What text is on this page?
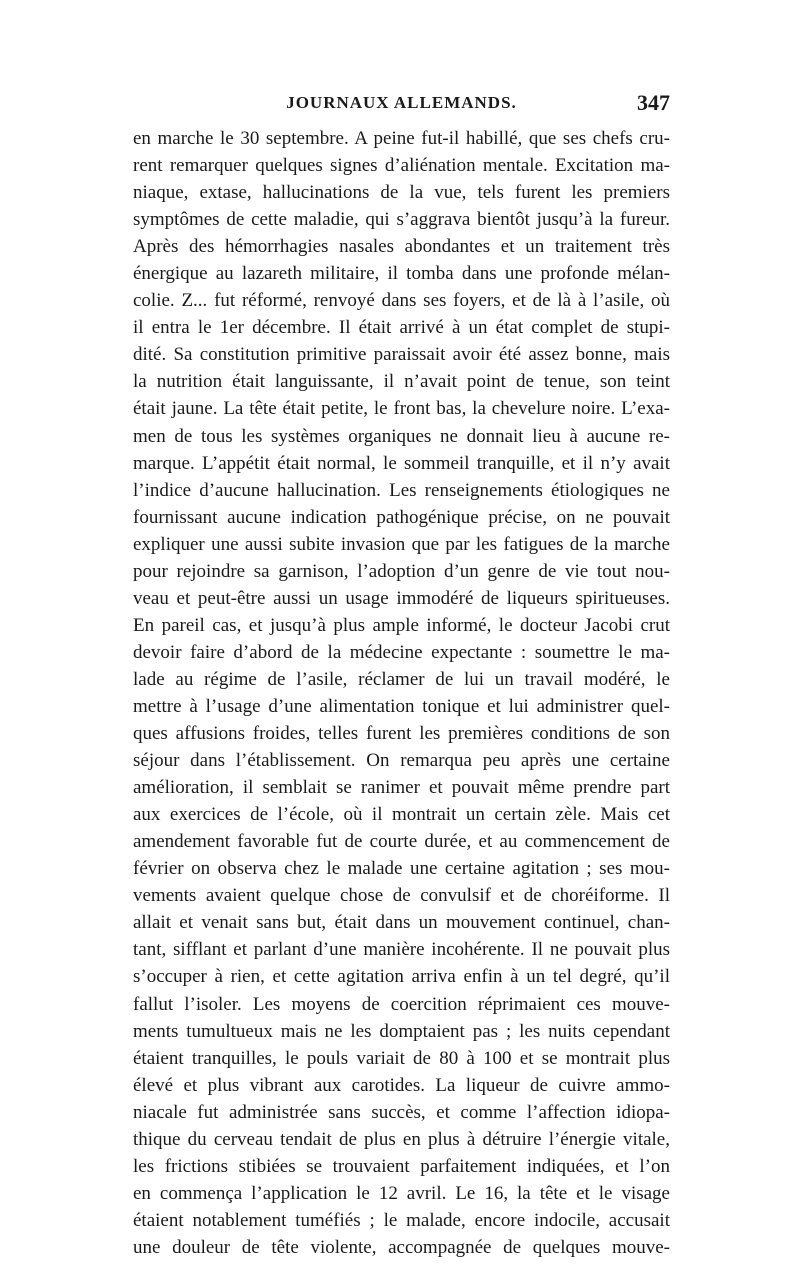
JOURNAUX ALLEMANDS.	347
en marche le 30 septembre. A peine fut-il habillé, que ses chefs cru-
rent remarquer quelques signes d’aliénation mentale. Excitation ma-
niaque, extase, hallucinations de la vue, tels furent les premiers
symptômes de cette maladie, qui s’aggrava bientôt jusqu’à la fureur.
Après des hémorrhagies nasales abondantes et un traitement très
énergique au lazareth militaire, il tomba dans une profonde mélan-
colie. Z... fut réformé, renvoyé dans ses foyers, et de là à l’asile, où
il entra le 1er décembre. Il était arrivé à un état complet de stupi-
dité. Sa constitution primitive paraissait avoir été assez bonne, mais
la nutrition était languissante, il n’avait point de tenue, son teint
était jaune. La tête était petite, le front bas, la chevelure noire. L’exa-
men de tous les systèmes organiques ne donnait lieu à aucune re-
marque. L’appétit était normal, le sommeil tranquille, et il n’y avait
l’indice d’aucune hallucination. Les renseignements étiologiques ne
fournissant aucune indication pathogénique précise, on ne pouvait
expliquer une aussi subite invasion que par les fatigues de la marche
pour rejoindre sa garnison, l’adoption d’un genre de vie tout nou-
veau et peut-être aussi un usage immodéré de liqueurs spiritueuses.
En pareil cas, et jusqu’à plus ample informé, le docteur Jacobi crut
devoir faire d’abord de la médecine expectante : soumettre le ma-
lade au régime de l’asile, réclamer de lui un travail modéré, le
mettre à l’usage d’une alimentation tonique et lui administrer quel-
ques affusions froides, telles furent les premières conditions de son
séjour dans l’établissement. On remarqua peu après une certaine
amélioration, il semblait se ranimer et pouvait même prendre part
aux exercices de l’école, où il montrait un certain zèle. Mais cet
amendement favorable fut de courte durée, et au commencement de
février on observa chez le malade une certaine agitation ; ses mou-
vements avaient quelque chose de convulsif et de choréiforme. Il
allait et venait sans but, était dans un mouvement continuel, chan-
tant, sifflant et parlant d’une manière incohérente. Il ne pouvait plus
s’occuper à rien, et cette agitation arriva enfin à un tel degré, qu’il
fallut l’isoler. Les moyens de coercition réprimaient ces mouve-
ments tumultueux mais ne les domptaient pas ; les nuits cependant
étaient tranquilles, le pouls variait de 80 à 100 et se montrait plus
élevé et plus vibrant aux carotides. La liqueur de cuivre ammo-
niacale fut administrée sans succès, et comme l’affection idiopa-
thique du cerveau tendait de plus en plus à détruire l’énergie vitale,
les frictions stibiées se trouvaient parfaitement indiquées, et l’on
en commença l’application le 12 avril. Le 16, la tête et le visage
étaient notablement tuméfiés ; le malade, encore indocile, accusait
une douleur de tête violente, accompagnée de quelques mouve-
